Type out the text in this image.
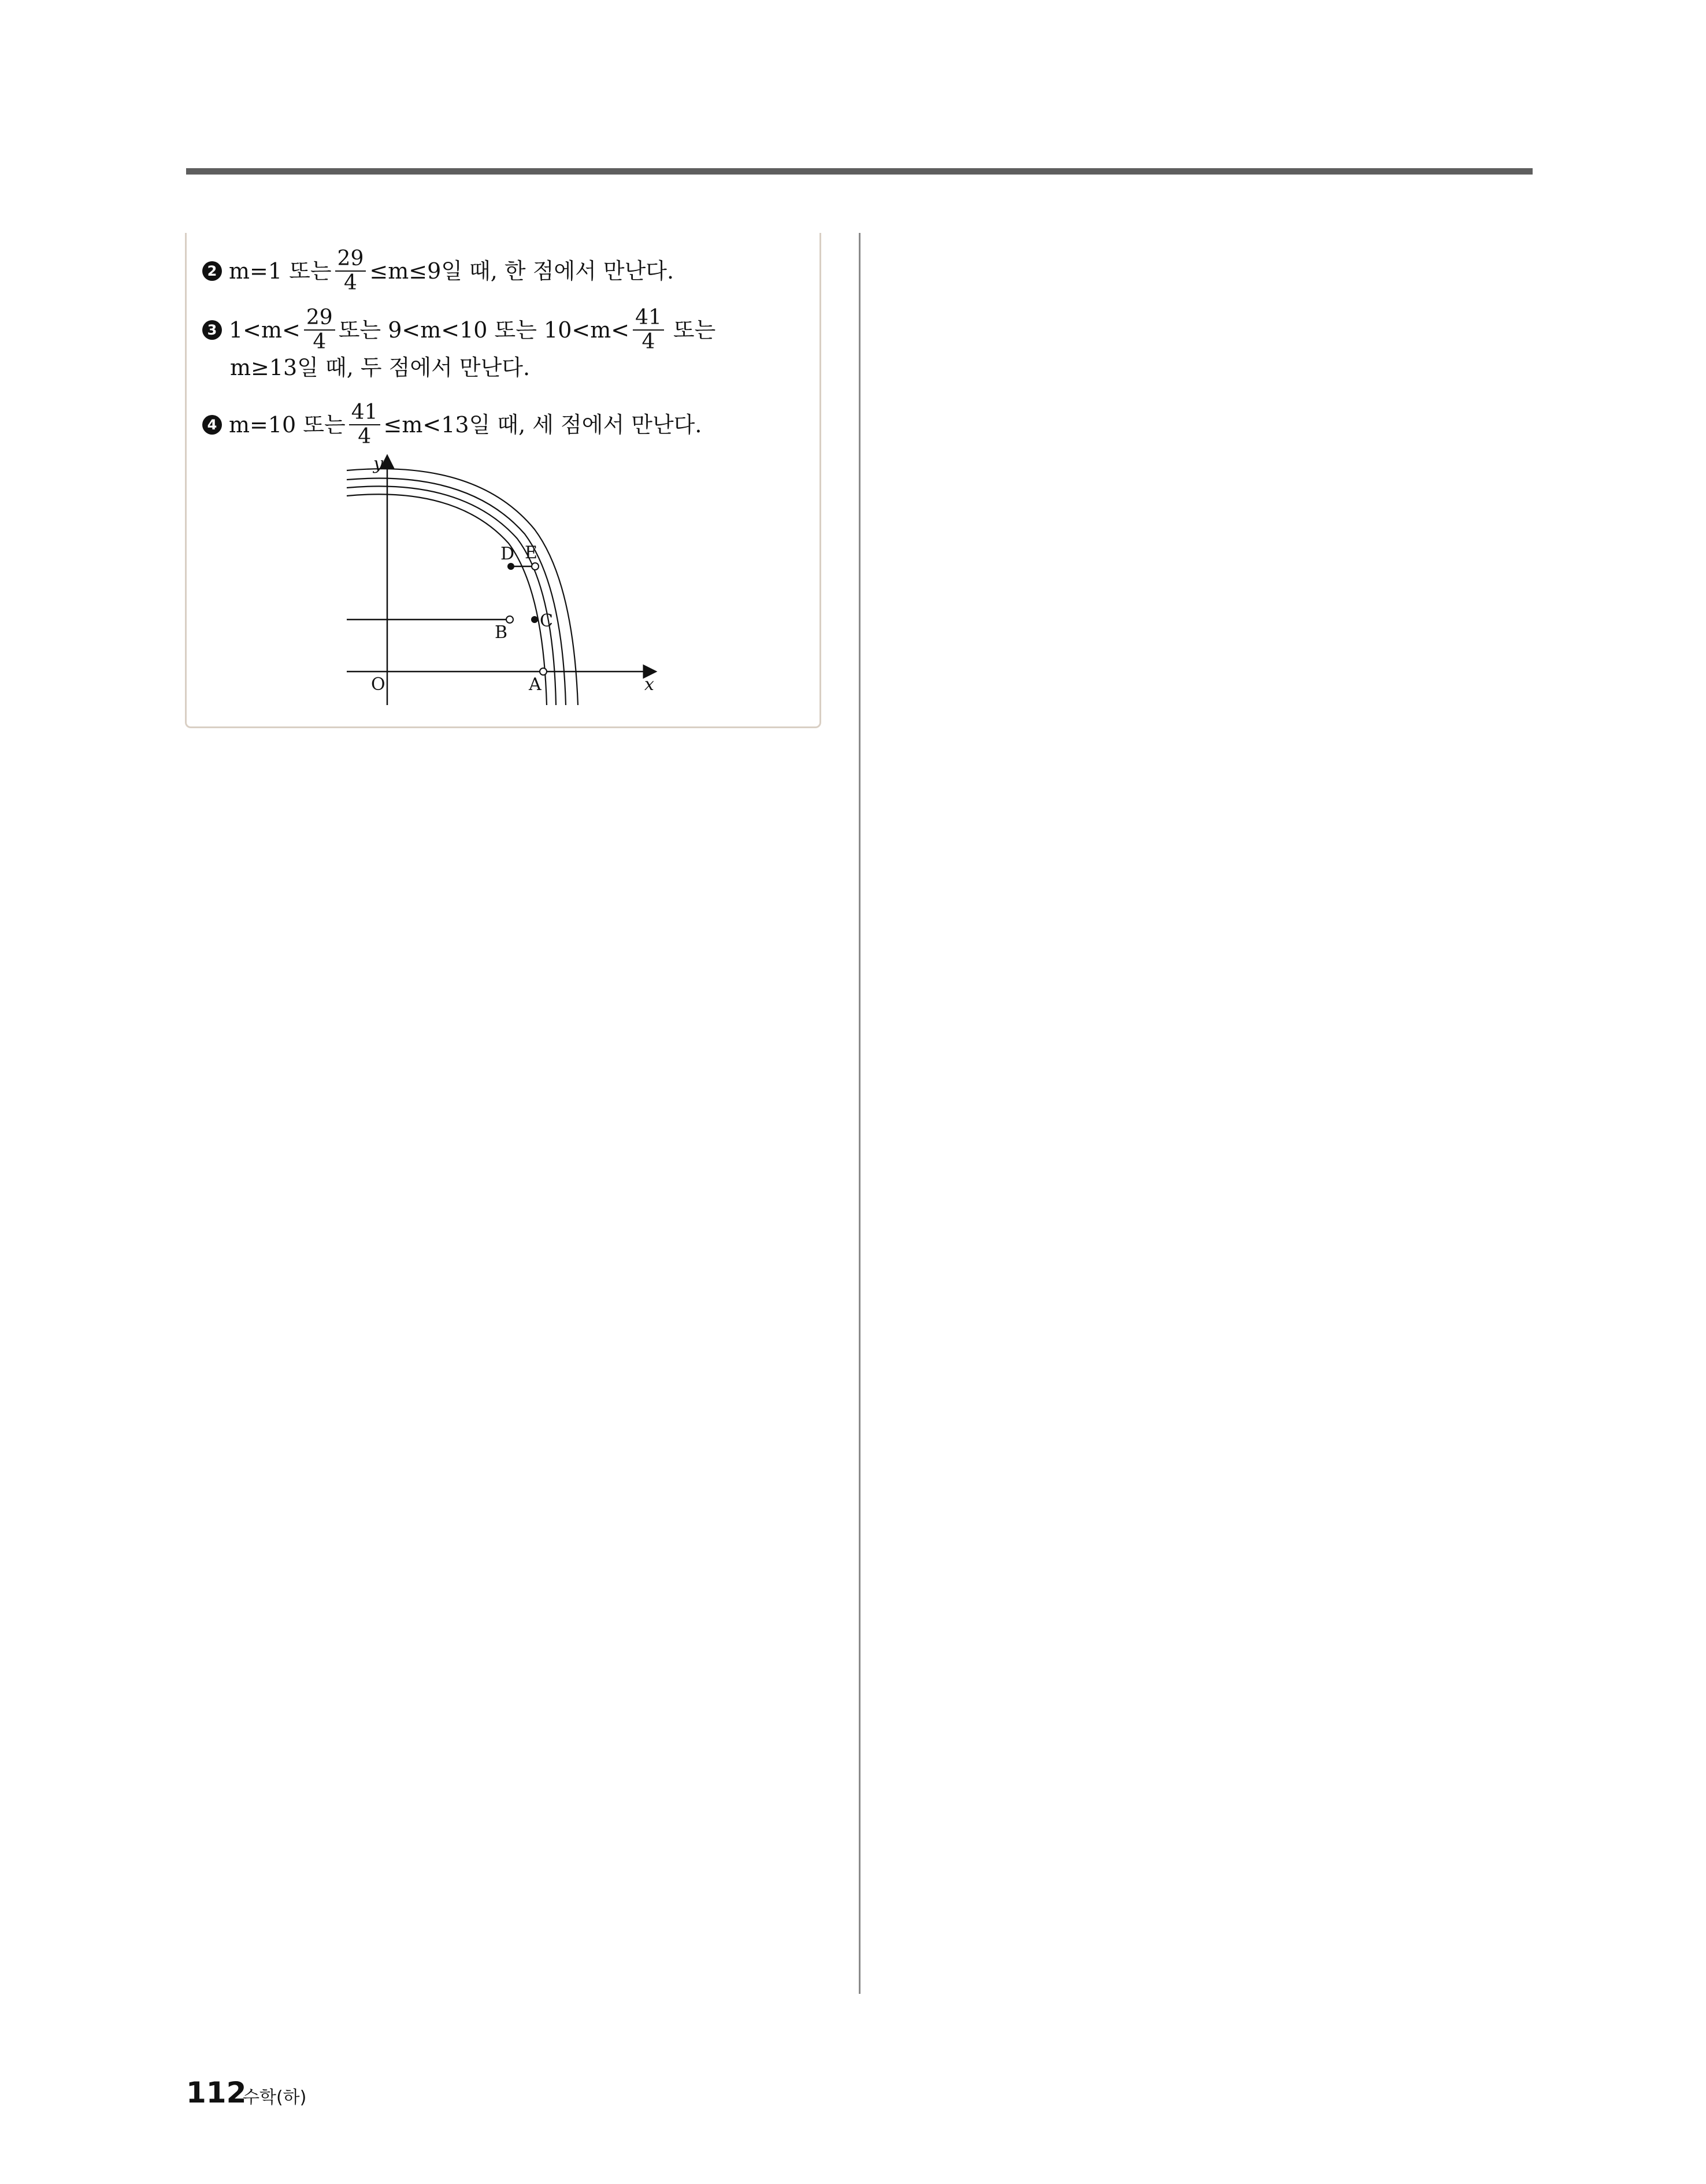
2 m=1 또는 $\frac{29}{4} \le m\le 9$일 때, 한 점에서 만난다.
3 $1<m< \frac{29}{4}$ 또는 9<m<10 또는 $10<m< \frac{41}{4}$ 또는
m≥13일 때, 두 점에서 만난다.
4 m=10 또는 $\frac{41}{4} \le m<13$일 때, 세 점에서 만난다.
y
x
O	A
B
C
D E
112
수학(하)
